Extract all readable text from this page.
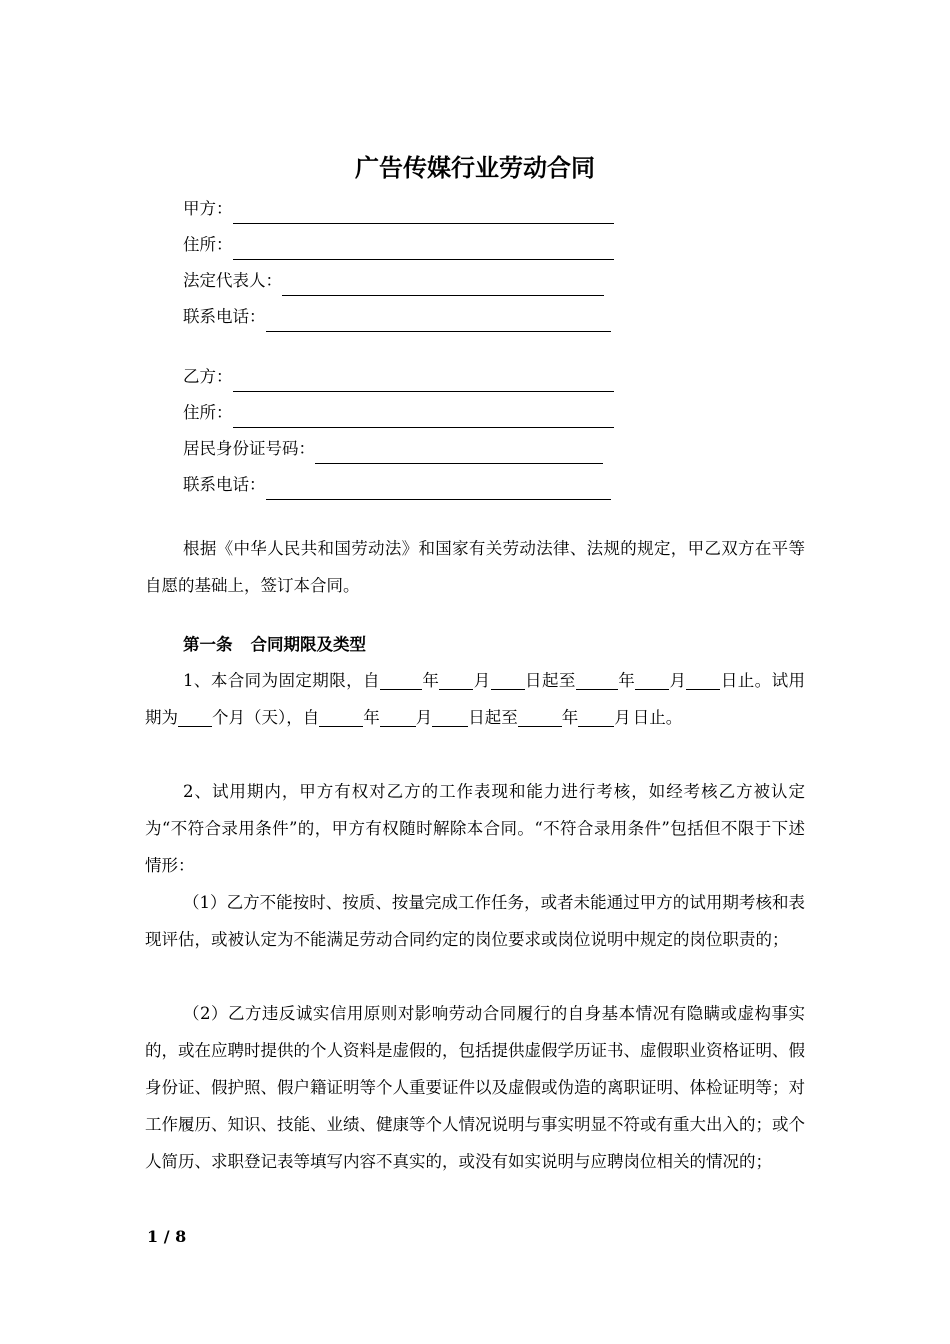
广告传媒行业劳动合同
甲方：
住所：
法定代表人：
联系电话：
乙方：
住所：
居民身份证号码：
联系电话：
根据《中华人民共和国劳动法》和国家有关劳动法律、法规的规定，甲乙双方在平等自愿的基础上，签订本合同。
第一条 合同期限及类型
1、本合同为固定期限，自	年 月 日起至	年 月 日止。试用期为 个月（天），自	年 月 日起至	年 月 日止。
2、试用期内，甲方有权对乙方的工作表现和能力进行考核，如经考核乙方被认定为“不符合录用条件”的，甲方有权随时解除本合同。“不符合录用条件”包括但不限于下述情形：
（1）乙方不能按时、按质、按量完成工作任务，或者未能通过甲方的试用期考核和表现评估，或被认定为不能满足劳动合同约定的岗位要求或岗位说明中规定的岗位职责的；
（2）乙方违反诚实信用原则对影响劳动合同履行的自身基本情况有隐瞒或虚构事实的，或在应聘时提供的个人资料是虚假的，包括提供虚假学历证书、虚假职业资格证明、假身份证、假护照、假户籍证明等个人重要证件以及虚假或伪造的离职证明、体检证明等；对工作履历、知识、技能、业绩、健康等个人情况说明与事实明显不符或有重大出入的；或个人简历、求职登记表等填写内容不真实的，或没有如实说明与应聘岗位相关的情况的；
1 / 8
